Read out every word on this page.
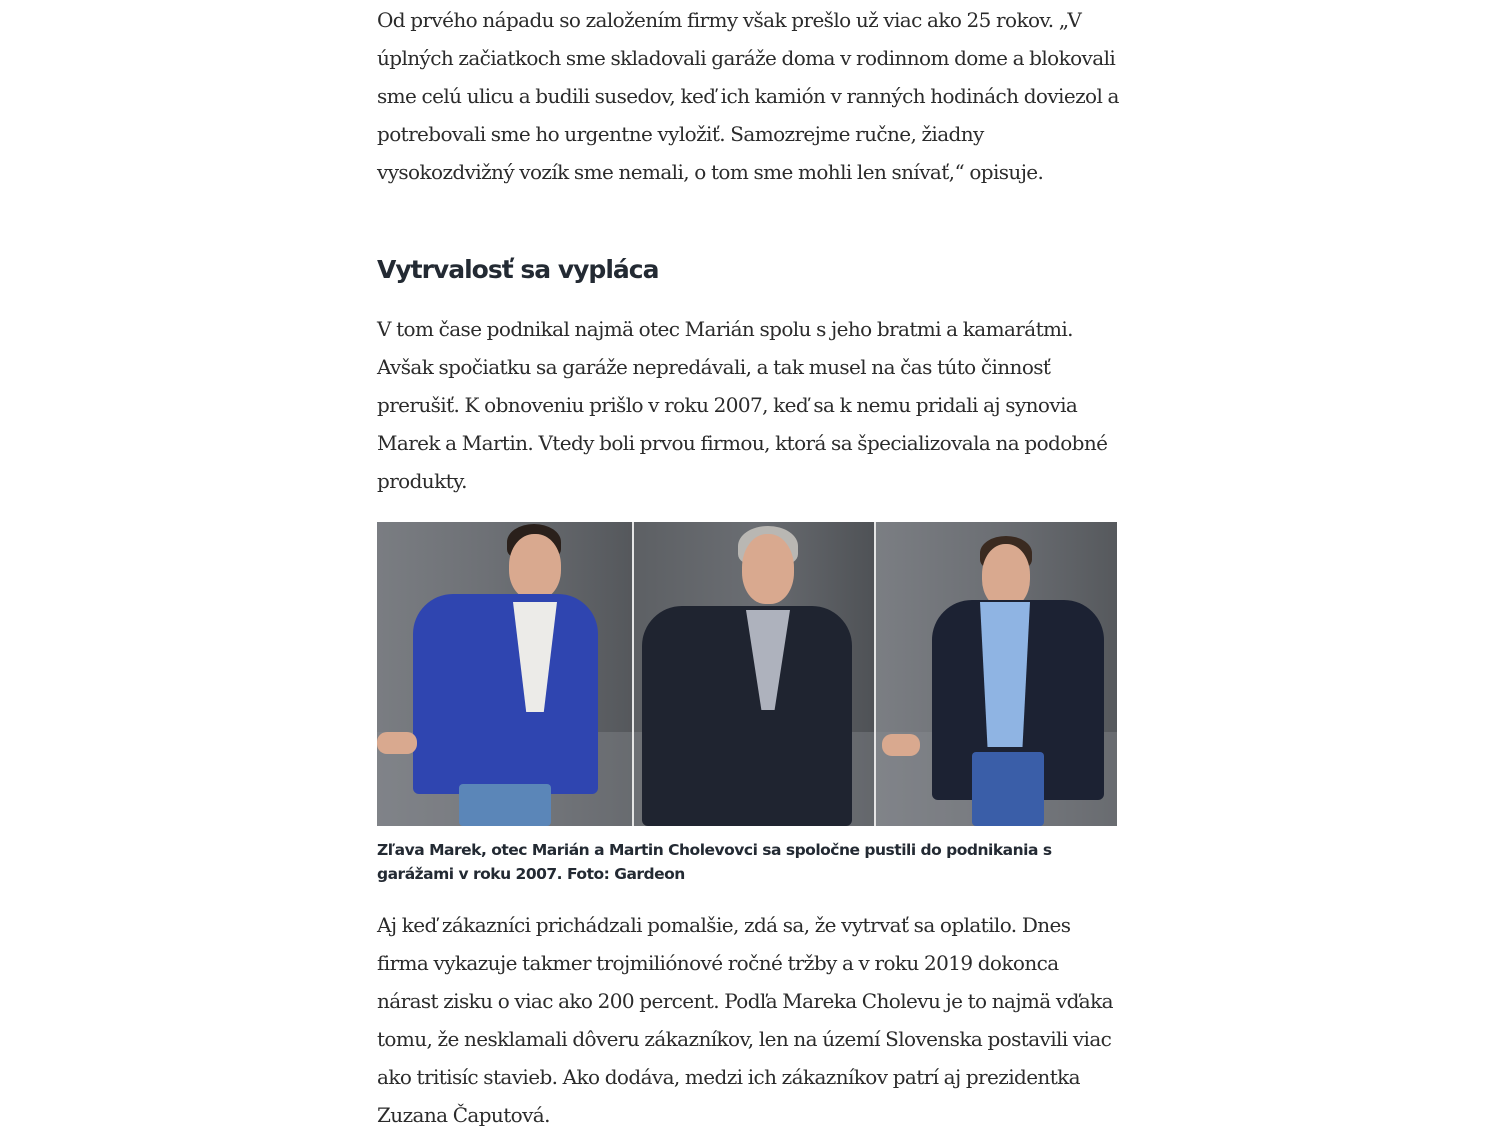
Od prvého nápadu so založením firmy však prešlo už viac ako 25 rokov. „V úplných začiatkoch sme skladovali garáže doma v rodinnom dome a blokovali sme celú ulicu a budili susedov, keď ich kamión v ranných hodinách doviezol a potrebovali sme ho urgentne vyložiť. Samozrejme ručne, žiadny vysokozdvižný vozík sme nemali, o tom sme mohli len snívať,“ opisuje.

Vytrvalosť sa vypláca

V tom čase podnikal najmä otec Marián spolu s jeho bratmi a kamarátmi. Avšak spočiatku sa garáže nepredávali, a tak musel na čas túto činnosť prerušiť. K obnoveniu prišlo v roku 2007, keď sa k nemu pridali aj synovia Marek a Martin. Vtedy boli prvou firmou, ktorá sa špecializovala na podobné produkty.

Zľava Marek, otec Marián a Martin Cholevovci sa spoločne pustili do podnikania s garážami v roku 2007. Foto: Gardeon

Aj keď zákazníci prichádzali pomalšie, zdá sa, že vytrvať sa oplatilo. Dnes firma vykazuje takmer trojmiliónové ročné tržby a v roku 2019 dokonca nárast zisku o viac ako 200 percent. Podľa Mareka Cholevu je to najmä vďaka tomu, že nesklamali dôveru zákazníkov, len na území Slovenska postavili viac ako tritisíc stavieb. Ako dodáva, medzi ich zákazníkov patrí aj prezidentka Zuzana Čaputová.
